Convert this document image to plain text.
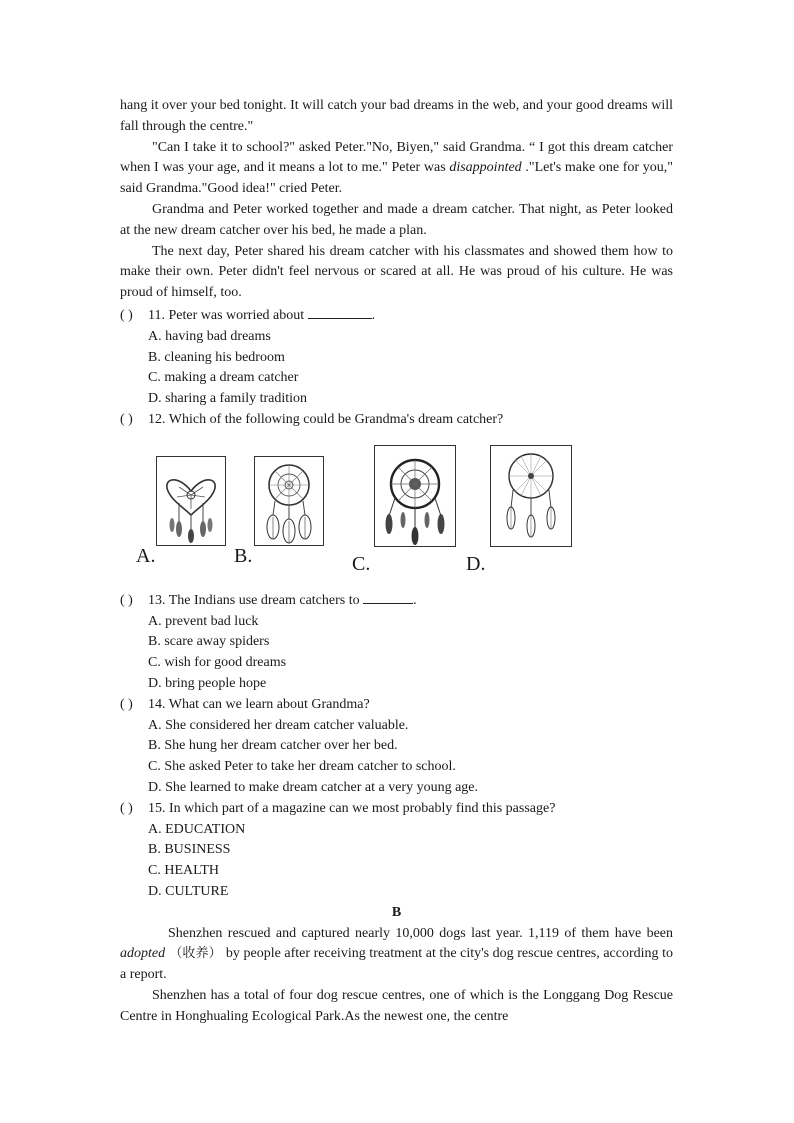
hang it over your bed tonight. It will catch your bad dreams in the web, and your good dreams will fall through the centre."

"Can I take it to school?" asked Peter."No, Biyen," said Grandma. “ I got this dream catcher when I was your age, and it means a lot to me." Peter was disappointed ."Let's make one for you," said Grandma."Good idea!" cried Peter.

Grandma and Peter worked together and made a dream catcher. That night, as Peter looked at the new dream catcher over his bed, he made a plan.

The next day, Peter shared his dream catcher with his classmates and showed them how to make their own. Peter didn't feel nervous or scared at all. He was proud of his culture. He was proud of himself, too.

( ) 11. Peter was worried about	.
A. having bad dreams
B. cleaning his bedroom
C. making a dream catcher
D. sharing a family tradition
( ) 12. Which of the following could be Grandma's dream catcher?
A.	B.	C.	D.
( ) 13. The Indians use dream catchers to	.
A. prevent bad luck
B. scare away spiders
C. wish for good dreams
D. bring people hope
( ) 14. What can we learn about Grandma?
A. She considered her dream catcher valuable.
B. She hung her dream catcher over her bed.
C. She asked Peter to take her dream catcher to school.
D. She learned to make dream catcher at a very young age.
( ) 15. In which part of a magazine can we most probably find this passage?
A. EDUCATION
B. BUSINESS
C. HEALTH
D. CULTURE
B

Shenzhen rescued and captured nearly 10,000 dogs last year. 1,119 of them have been adopted （收养） by people after receiving treatment at the city's dog rescue centres, according to a report.

Shenzhen has a total of four dog rescue centres, one of which is the Longgang Dog Rescue Centre in Honghualing Ecological Park.As the newest one, the centre
